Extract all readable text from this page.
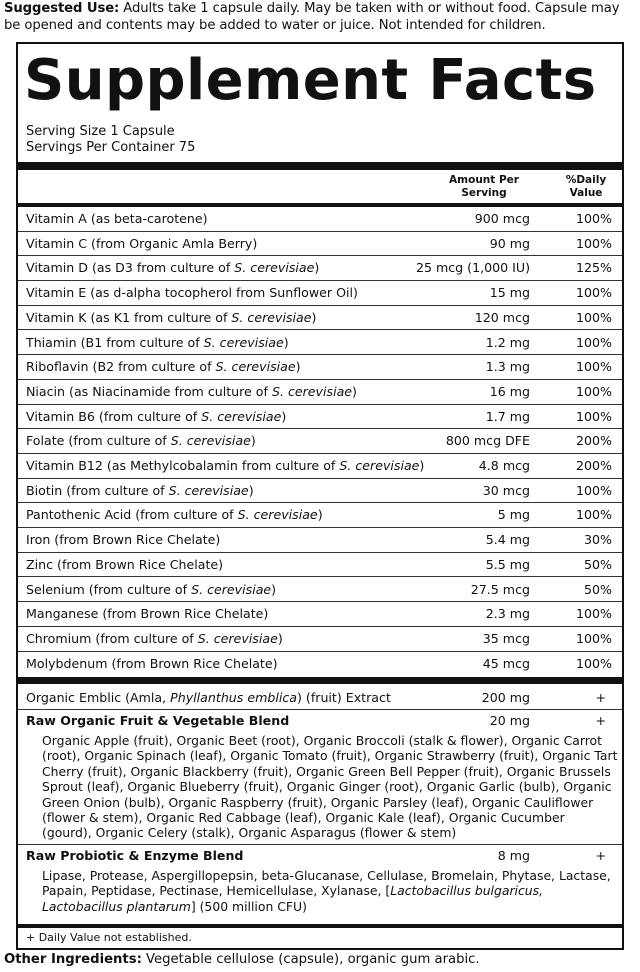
Suggested Use: Adults take 1 capsule daily. May be taken with or without food. Capsule may be opened and contents may be added to water or juice. Not intended for children.
Supplement Facts
Serving Size 1 Capsule
Servings Per Container 75
Amount Per Serving
%Daily Value
Vitamin A (as beta-carotene)	900 mcg	100%
Vitamin C (from Organic Amla Berry)	90 mg	100%
Vitamin D (as D3 from culture of S. cerevisiae)	25 mcg (1,000 IU)	125%
Vitamin E (as d-alpha tocopherol from Sunflower Oil)	15 mg	100%
Vitamin K (as K1 from culture of S. cerevisiae)	120 mcg	100%
Thiamin (B1 from culture of S. cerevisiae)	1.2 mg	100%
Riboflavin (B2 from culture of S. cerevisiae)	1.3 mg	100%
Niacin (as Niacinamide from culture of S. cerevisiae)	16 mg	100%
Vitamin B6 (from culture of S. cerevisiae)	1.7 mg	100%
Folate (from culture of S. cerevisiae)	800 mcg DFE	200%
Vitamin B12 (as Methylcobalamin from culture of S. cerevisiae)	4.8 mcg	200%
Biotin (from culture of S. cerevisiae)	30 mcg	100%
Pantothenic Acid (from culture of S. cerevisiae)	5 mg	100%
Iron (from Brown Rice Chelate)	5.4 mg	30%
Zinc (from Brown Rice Chelate)	5.5 mg	50%
Selenium (from culture of S. cerevisiae)	27.5 mcg	50%
Manganese (from Brown Rice Chelate)	2.3 mg	100%
Chromium (from culture of S. cerevisiae)	35 mcg	100%
Molybdenum (from Brown Rice Chelate)	45 mcg	100%
Organic Emblic (Amla, Phyllanthus emblica) (fruit) Extract	200 mg	+
Raw Organic Fruit & Vegetable Blend	20 mg	+
Organic Apple (fruit), Organic Beet (root), Organic Broccoli (stalk & flower), Organic Carrot (root), Organic Spinach (leaf), Organic Tomato (fruit), Organic Strawberry (fruit), Organic Tart Cherry (fruit), Organic Blackberry (fruit), Organic Green Bell Pepper (fruit), Organic Brussels Sprout (leaf), Organic Blueberry (fruit), Organic Ginger (root), Organic Garlic (bulb), Organic Green Onion (bulb), Organic Raspberry (fruit), Organic Parsley (leaf), Organic Cauliflower (flower & stem), Organic Red Cabbage (leaf), Organic Kale (leaf), Organic Cucumber (gourd), Organic Celery (stalk), Organic Asparagus (flower & stem)
Raw Probiotic & Enzyme Blend	8 mg	+
Lipase, Protease, Aspergillopepsin, beta-Glucanase, Cellulase, Bromelain, Phytase, Lactase, Papain, Peptidase, Pectinase, Hemicellulase, Xylanase, [Lactobacillus bulgaricus, Lactobacillus plantarum] (500 million CFU)
+ Daily Value not established.
Other Ingredients: Vegetable cellulose (capsule), organic gum arabic.
